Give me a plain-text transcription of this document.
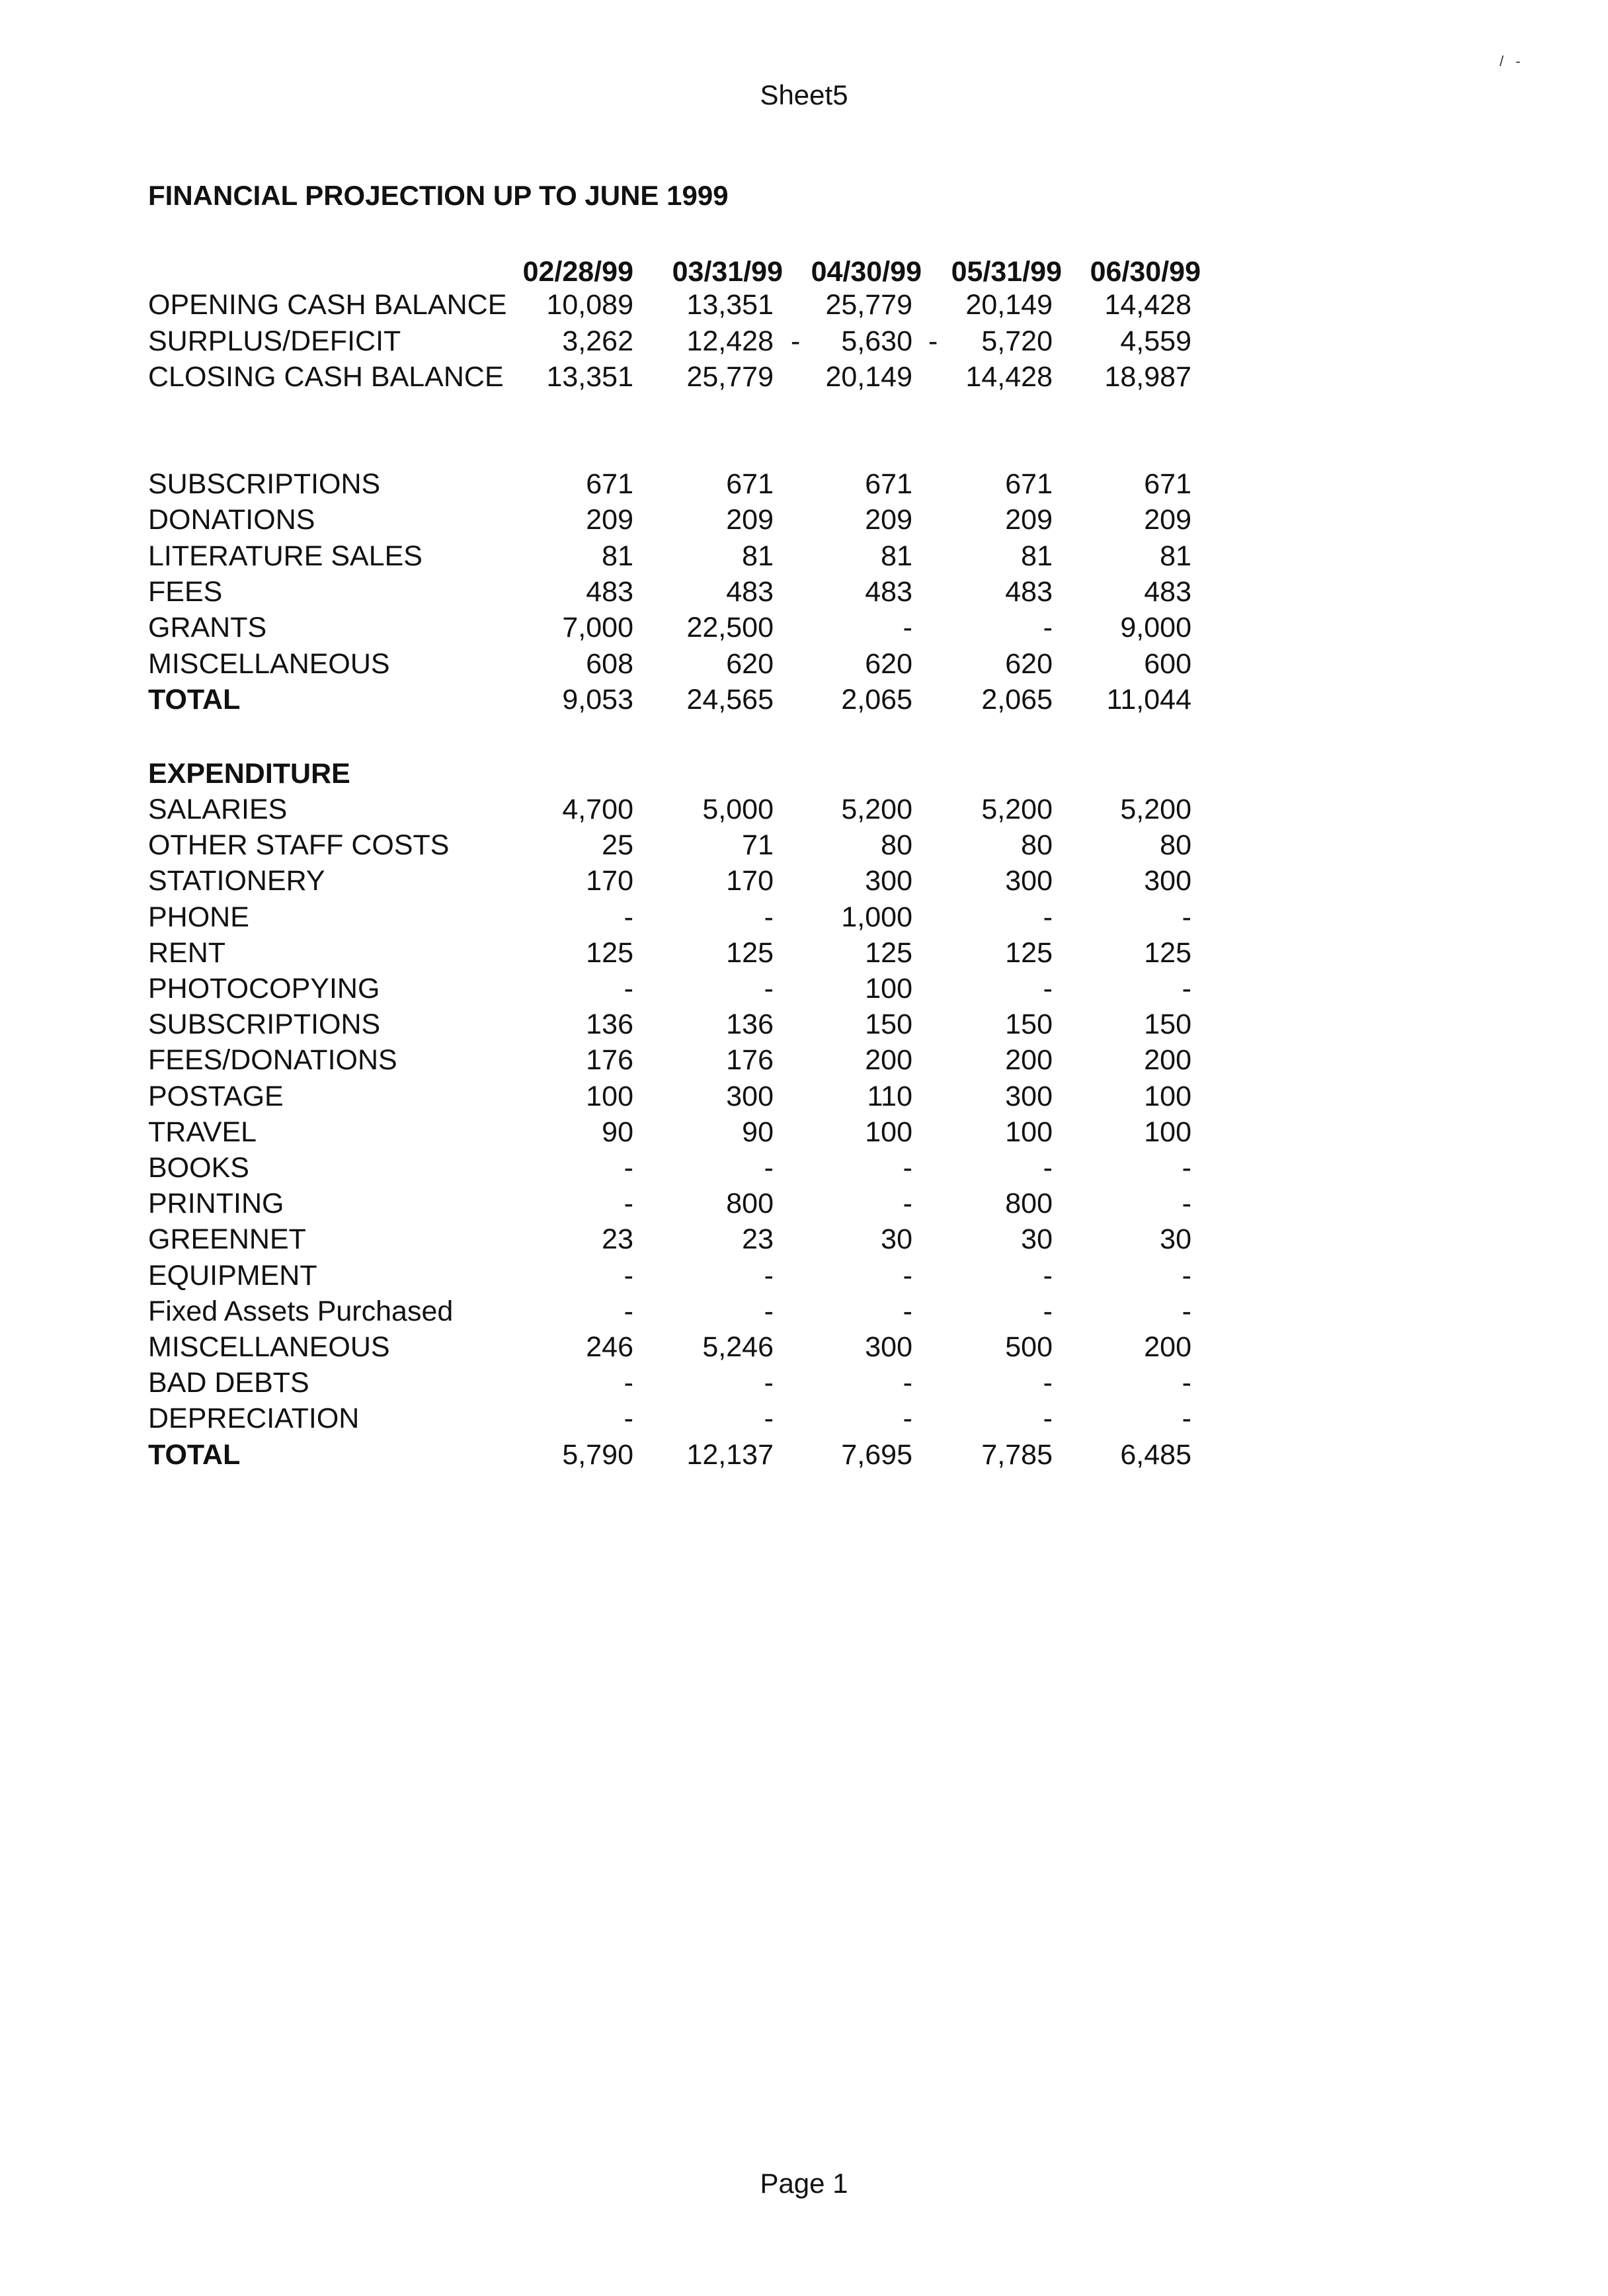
Sheet5
/ -
FINANCIAL PROJECTION UP TO JUNE 1999
02/28/99	03/31/99 04/30/99	05/31/99 06/30/99
OPENING CASH BALANCE	10,089	13,351	25,779	20,149	14,428
SURPLUS/DEFICIT	3,262	12,428 -	5,630 -	5,720	4,559
CLOSING CASH BALANCE	13,351	25,779	20,149	14,428	18,987
SUBSCRIPTIONS	671	671	671	671	671
DONATIONS	209	209	209	209	209
LITERATURE SALES	81	81	81	81	81
FEES	483	483	483	483	483
GRANTS	7,000	22,500	-	-	9,000
MISCELLANEOUS	608	620	620	620	600
TOTAL	9,053	24,565	2,065	2,065	11,044
EXPENDITURE
SALARIES	4,700	5,000	5,200	5,200	5,200
OTHER STAFF COSTS	25	71	80	80	80
STATIONERY	170	170	300	300	300
PHONE	-	-	1,000	-	-
RENT	125	125	125	125	125
PHOTOCOPYING	-	-	100	-	-
SUBSCRIPTIONS	136	136	150	150	150
FEES/DONATIONS	176	176	200	200	200
POSTAGE	100	300	110	300	100
TRAVEL	90	90	100	100	100
BOOKS	-	-	-	-	-
PRINTING	-	800	-	800	-
GREENNET	23	23	30	30	30
EQUIPMENT	-	-	-	-	-
Fixed Assets Purchased	-	-	-	-	-
MISCELLANEOUS	246	5,246	300	500	200
BAD DEBTS	-	-	-	-	-
DEPRECIATION	-	-	-	-	-
TOTAL	5,790	12,137	7,695	7,785	6,485
Page 1
